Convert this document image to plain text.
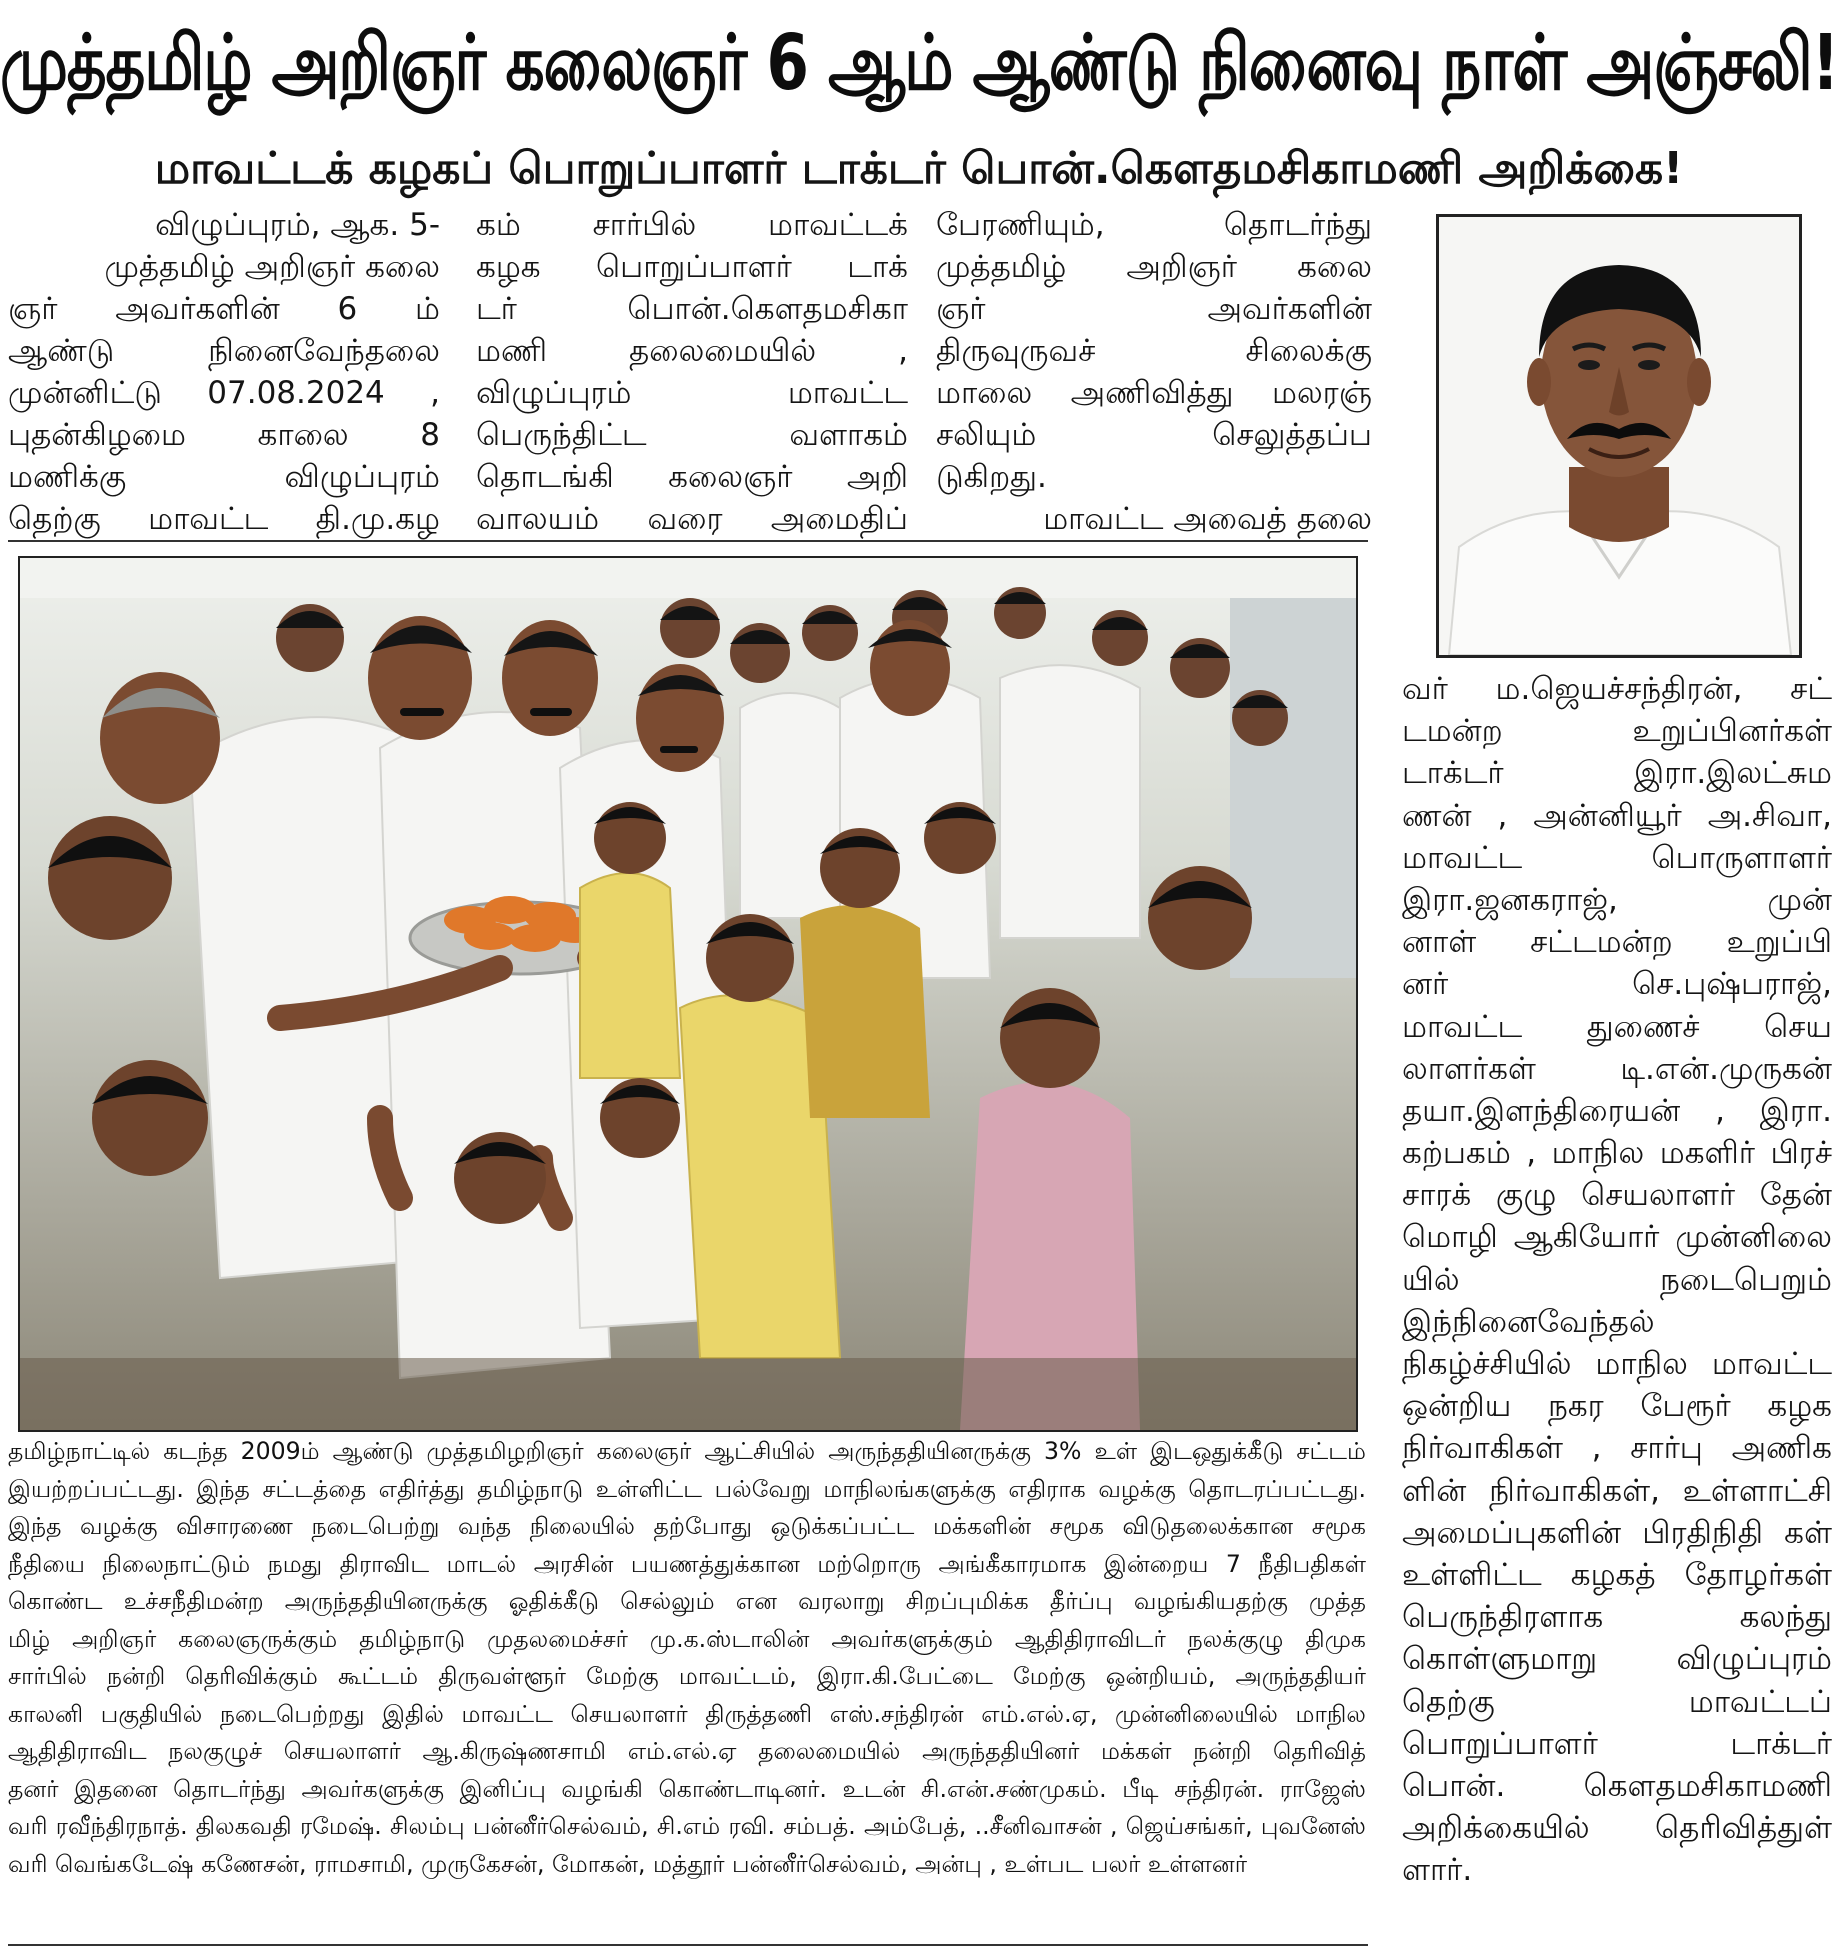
முத்தமிழ் அறிஞர் கலைஞர் 6 ஆம் ஆண்டு நினைவு நாள் அஞ்சலி!
மாவட்டக் கழகப் பொறுப்பாளர் டாக்டர் பொன்.கௌதமசிகாமணி அறிக்கை!
விழுப்புரம், ஆக. 5-
முத்தமிழ் அறிஞர் கலை
ஞர் அவர்களின் 6 ம்
ஆண்டு நினைவேந்தலை
முன்னிட்டு 07.08.2024 ,
புதன்கிழமை காலை 8
மணிக்கு விழுப்புரம்
தெற்கு மாவட்ட தி.மு.கழ
கம் சார்பில் மாவட்டக்
கழக பொறுப்பாளர் டாக்
டர் பொன்.கௌதமசிகா
மணி தலைமையில் ,
விழுப்புரம் மாவட்ட
பெருந்திட்ட வளாகம்
தொடங்கி கலைஞர் அறி
வாலயம் வரை அமைதிப்
பேரணியும், தொடர்ந்து
முத்தமிழ் அறிஞர் கலை
ஞர் அவர்களின்
திருவுருவச் சிலைக்கு
மாலை அணிவித்து மலரஞ்
சலியும் செலுத்தப்ப
டுகிறது.
மாவட்ட அவைத் தலை
வர் ம.ஜெயச்சந்திரன், சட்
டமன்ற உறுப்பினர்கள்
டாக்டர் இரா.இலட்சும
ணன் , அன்னியூர் அ.சிவா,
மாவட்ட பொருளாளர்
இரா.ஜனகராஜ், முன்
னாள் சட்டமன்ற உறுப்பி
னர் செ.புஷ்பராஜ்,
மாவட்ட துணைச் செய
லாளர்கள் டி.என்.முருகன்
தயா.இளந்திரையன் , இரா.
கற்பகம் , மாநில மகளிர் பிரச்
சாரக் குழு செயலாளர் தேன்
மொழி ஆகியோர் முன்னிலை
யில் நடைபெறும்
இந்நினைவேந்தல்
நிகழ்ச்சியில் மாநில மாவட்ட
ஒன்றிய நகர பேரூர் கழக
நிர்வாகிகள் , சார்பு அணிக
ளின் நிர்வாகிகள், உள்ளாட்சி
அமைப்புகளின் பிரதிநிதி கள்
உள்ளிட்ட கழகத் தோழர்கள்
பெருந்திரளாக கலந்து
கொள்ளுமாறு விழுப்புரம்
தெற்கு மாவட்டப்
பொறுப்பாளர் டாக்டர்
பொன். கௌதமசிகாமணி
அறிக்கையில் தெரிவித்துள்
ளார்.
தமிழ்நாட்டில் கடந்த 2009ம் ஆண்டு முத்தமிழறிஞர் கலைஞர் ஆட்சியில் அருந்ததியினருக்கு 3% உள் இடஒதுக்கீடு சட்டம்
இயற்றப்பட்டது. இந்த சட்டத்தை எதிர்த்து தமிழ்நாடு உள்ளிட்ட பல்வேறு மாநிலங்களுக்கு எதிராக வழக்கு தொடரப்பட்டது.
இந்த வழக்கு விசாரணை நடைபெற்று வந்த நிலையில் தற்போது ஒடுக்கப்பட்ட மக்களின் சமூக விடுதலைக்கான சமூக
நீதியை நிலைநாட்டும் நமது திராவிட மாடல் அரசின் பயணத்துக்கான மற்றொரு அங்கீகாரமாக இன்றைய 7 நீதிபதிகள்
கொண்ட உச்சநீதிமன்ற அருந்ததியினருக்கு ஓதிக்கீடு செல்லும் என வரலாறு சிறப்புமிக்க தீர்ப்பு வழங்கியதற்கு முத்த
மிழ் அறிஞர் கலைஞருக்கும் தமிழ்நாடு முதலமைச்சர் மு.க.ஸ்டாலின் அவர்களுக்கும் ஆதிதிராவிடர் நலக்குழு திமுக
சார்பில் நன்றி தெரிவிக்கும் கூட்டம் திருவள்ளூர் மேற்கு மாவட்டம், இரா.கி.பேட்டை மேற்கு ஒன்றியம், அருந்ததியர்
காலனி பகுதியில் நடைபெற்றது இதில் மாவட்ட செயலாளர் திருத்தணி எஸ்.சந்திரன் எம்.எல்.ஏ, முன்னிலையில் மாநில
ஆதிதிராவிட நலகுழுச் செயலாளர் ஆ.கிருஷ்ணசாமி எம்.எல்.ஏ தலைமையில் அருந்ததியினர் மக்கள் நன்றி தெரிவித்
தனர் இதனை தொடர்ந்து அவர்களுக்கு இனிப்பு வழங்கி கொண்டாடினர். உடன் சி.என்.சண்முகம். பீடி சந்திரன். ராஜேஸ்
வரி ரவீந்திரநாத். திலகவதி ரமேஷ். சிலம்பு பன்னீர்செல்வம், சி.எம் ரவி. சம்பத். அம்பேத், ..சீனிவாசன் , ஜெய்சங்கர், புவனேஸ்
வரி வெங்கடேஷ் கணேசன், ராமசாமி, முருகேசன், மோகன், மத்தூர் பன்னீர்செல்வம், அன்பு , உள்பட பலர் உள்ளனர்
